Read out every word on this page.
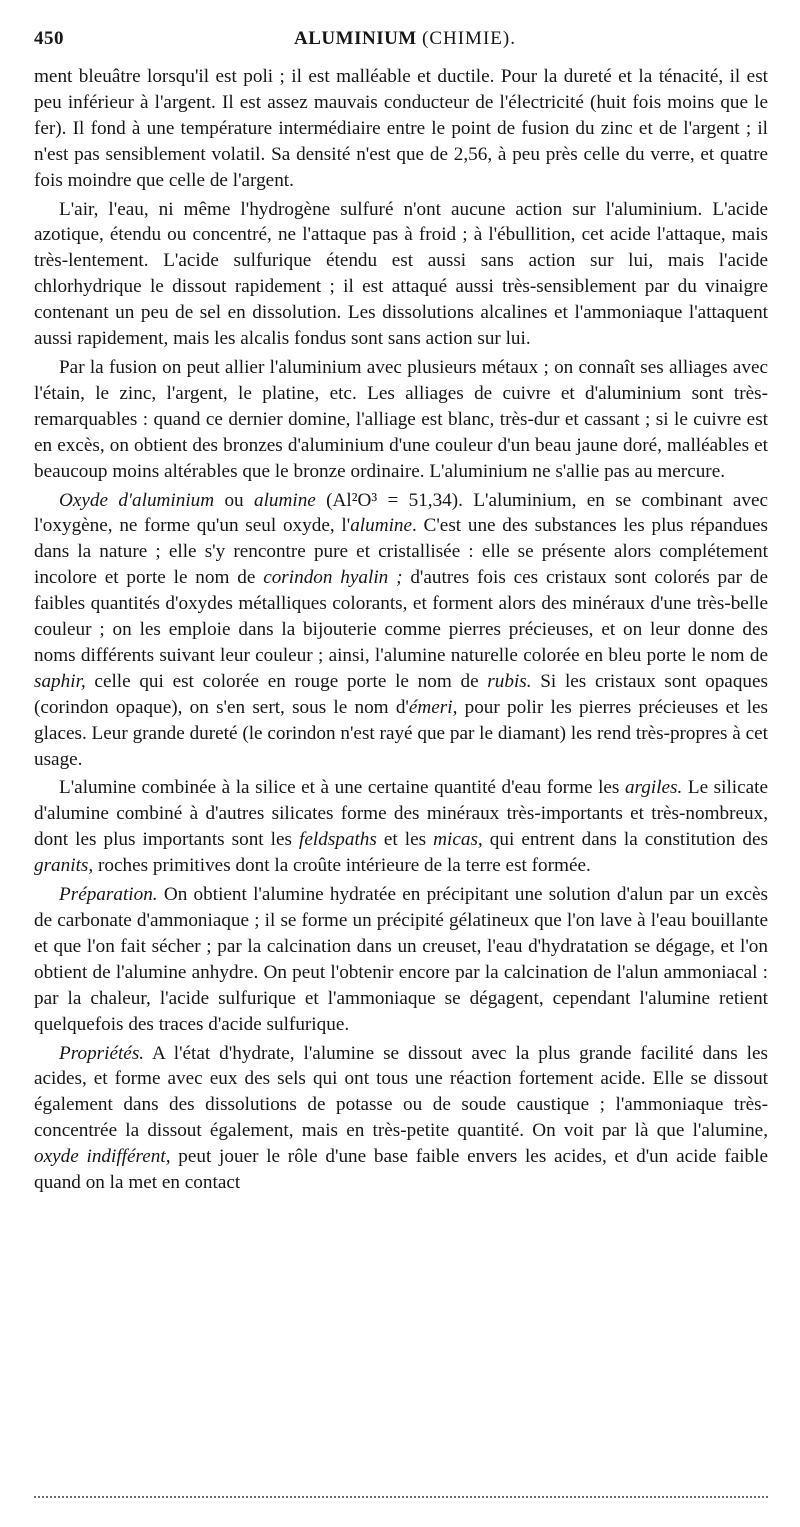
450	ALUMINIUM (CHIMIE).

ment bleuâtre lorsqu'il est poli ; il est malléable et ductile. Pour la dureté et la ténacité, il est peu inférieur à l'argent. Il est assez mauvais conducteur de l'électricité (huit fois moins que le fer). Il fond à une température intermédiaire entre le point de fusion du zinc et de l'argent ; il n'est pas sensiblement volatil. Sa densité n'est que de 2,56, à peu près celle du verre, et quatre fois moindre que celle de l'argent.

L'air, l'eau, ni même l'hydrogène sulfuré n'ont aucune action sur l'aluminium. L'acide azotique, étendu ou concentré, ne l'attaque pas à froid ; à l'ébullition, cet acide l'attaque, mais très-lentement. L'acide sulfurique étendu est aussi sans action sur lui, mais l'acide chlorhydrique le dissout rapidement ; il est attaqué aussi très-sensiblement par du vinaigre contenant un peu de sel en dissolution. Les dissolutions alcalines et l'ammoniaque l'attaquent aussi rapidement, mais les alcalis fondus sont sans action sur lui.

Par la fusion on peut allier l'aluminium avec plusieurs métaux ; on connaît ses alliages avec l'étain, le zinc, l'argent, le platine, etc. Les alliages de cuivre et d'aluminium sont très-remarquables : quand ce dernier domine, l'alliage est blanc, très-dur et cassant ; si le cuivre est en excès, on obtient des bronzes d'aluminium d'une couleur d'un beau jaune doré, malléables et beaucoup moins altérables que le bronze ordinaire. L'aluminium ne s'allie pas au mercure.

Oxyde d'aluminium ou alumine (Al²O³ = 51,34). L'aluminium, en se combinant avec l'oxygène, ne forme qu'un seul oxyde, l'alumine. C'est une des substances les plus répandues dans la nature ; elle s'y rencontre pure et cristallisée : elle se présente alors complétement incolore et porte le nom de corindon hyalin ; d'autres fois ces cristaux sont colorés par de faibles quantités d'oxydes métalliques colorants, et forment alors des minéraux d'une très-belle couleur ; on les emploie dans la bijouterie comme pierres précieuses, et on leur donne des noms différents suivant leur couleur ; ainsi, l'alumine naturelle colorée en bleu porte le nom de saphir, celle qui est colorée en rouge porte le nom de rubis. Si les cristaux sont opaques (corindon opaque), on s'en sert, sous le nom d'émeri, pour polir les pierres précieuses et les glaces. Leur grande dureté (le corindon n'est rayé que par le diamant) les rend très-propres à cet usage.

L'alumine combinée à la silice et à une certaine quantité d'eau forme les argiles. Le silicate d'alumine combiné à d'autres silicates forme des minéraux très-importants et très-nombreux, dont les plus importants sont les feldspaths et les micas, qui entrent dans la constitution des granits, roches primitives dont la croûte intérieure de la terre est formée.

Préparation. On obtient l'alumine hydratée en précipitant une solution d'alun par un excès de carbonate d'ammoniaque ; il se forme un précipité gélatineux que l'on lave à l'eau bouillante et que l'on fait sécher ; par la calcination dans un creuset, l'eau d'hydratation se dégage, et l'on obtient de l'alumine anhydre. On peut l'obtenir encore par la calcination de l'alun ammoniacal : par la chaleur, l'acide sulfurique et l'ammoniaque se dégagent, cependant l'alumine retient quelquefois des traces d'acide sulfurique.

Propriétés. A l'état d'hydrate, l'alumine se dissout avec la plus grande facilité dans les acides, et forme avec eux des sels qui ont tous une réaction fortement acide. Elle se dissout également dans des dissolutions de potasse ou de soude caustique ; l'ammoniaque très-concentrée la dissout également, mais en très-petite quantité. On voit par là que l'alumine, oxyde indifférent, peut jouer le rôle d'une base faible envers les acides, et d'un acide faible quand on la met en contact
